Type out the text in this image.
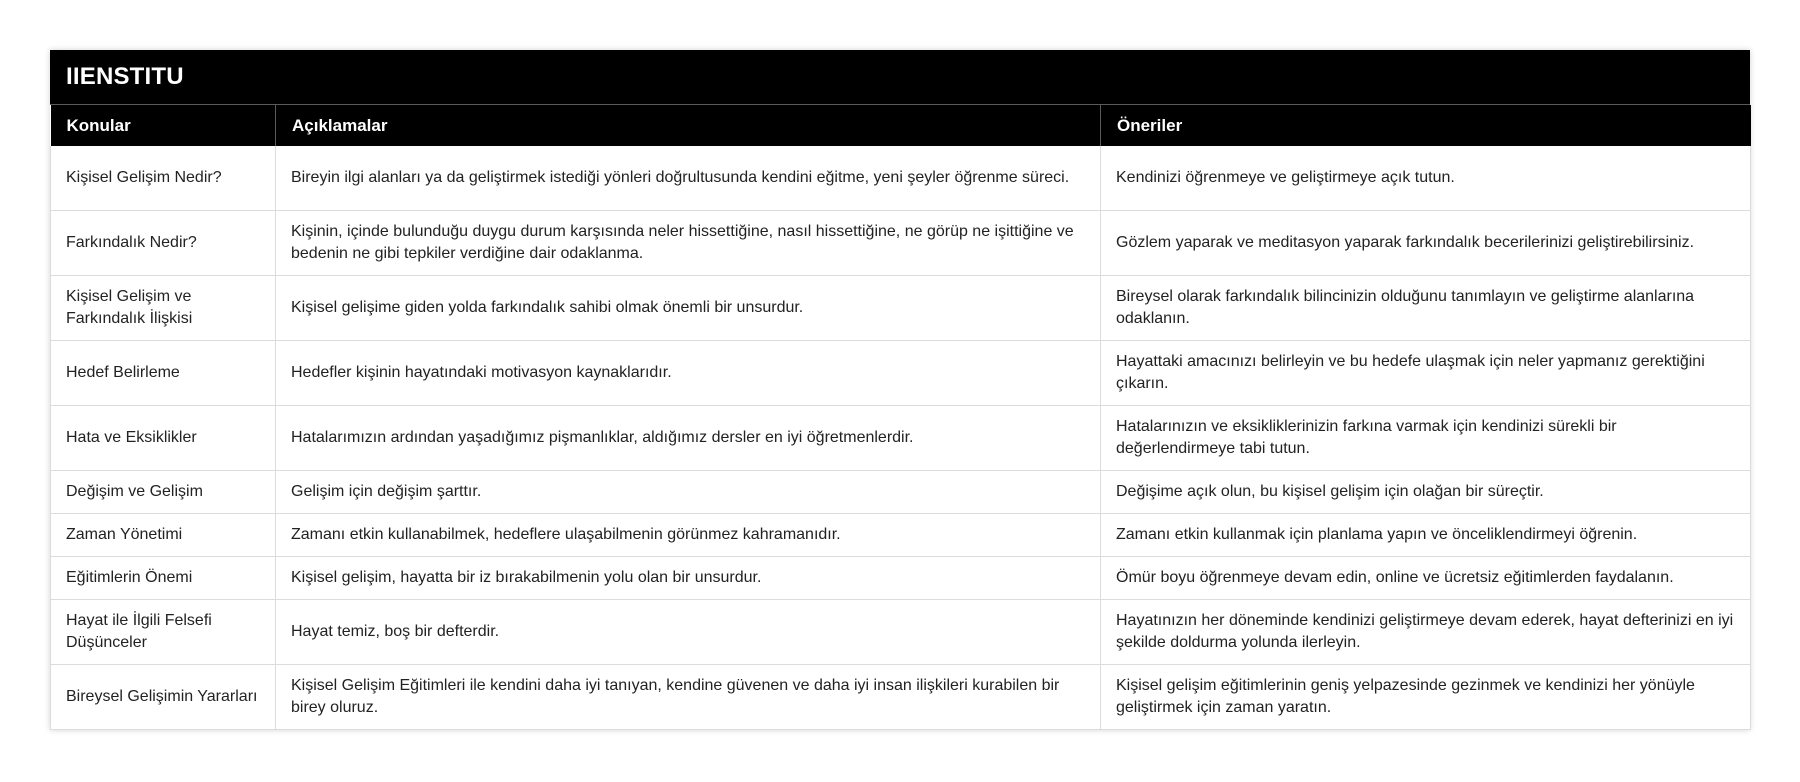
IIENSTITU
Konular	Açıklamalar	Öneriler
Kişisel Gelişim Nedir?	Bireyin ilgi alanları ya da geliştirmek istediği yönleri doğrultusunda kendini eğitme, yeni şeyler öğrenme süreci.	Kendinizi öğrenmeye ve geliştirmeye açık tutun.
Farkındalık Nedir?	Kişinin, içinde bulunduğu duygu durum karşısında neler hissettiğine, nasıl hissettiğine, ne görüp ne işittiğine ve bedenin ne gibi tepkiler verdiğine dair odaklanma.	Gözlem yaparak ve meditasyon yaparak farkındalık becerilerinizi geliştirebilirsiniz.
Kişisel Gelişim ve Farkındalık İlişkisi	Kişisel gelişime giden yolda farkındalık sahibi olmak önemli bir unsurdur.	Bireysel olarak farkındalık bilincinizin olduğunu tanımlayın ve geliştirme alanlarına odaklanın.
Hedef Belirleme	Hedefler kişinin hayatındaki motivasyon kaynaklarıdır.	Hayattaki amacınızı belirleyin ve bu hedefe ulaşmak için neler yapmanız gerektiğini çıkarın.
Hata ve Eksiklikler	Hatalarımızın ardından yaşadığımız pişmanlıklar, aldığımız dersler en iyi öğretmenlerdir.	Hatalarınızın ve eksikliklerinizin farkına varmak için kendinizi sürekli bir değerlendirmeye tabi tutun.
Değişim ve Gelişim	Gelişim için değişim şarttır.	Değişime açık olun, bu kişisel gelişim için olağan bir süreçtir.
Zaman Yönetimi	Zamanı etkin kullanabilmek, hedeflere ulaşabilmenin görünmez kahramanıdır.	Zamanı etkin kullanmak için planlama yapın ve önceliklendirmeyi öğrenin.
Eğitimlerin Önemi	Kişisel gelişim, hayatta bir iz bırakabilmenin yolu olan bir unsurdur.	Ömür boyu öğrenmeye devam edin, online ve ücretsiz eğitimlerden faydalanın.
Hayat ile İlgili Felsefi Düşünceler	Hayat temiz, boş bir defterdir.	Hayatınızın her döneminde kendinizi geliştirmeye devam ederek, hayat defterinizi en iyi şekilde doldurma yolunda ilerleyin.
Bireysel Gelişimin Yararları	Kişisel Gelişim Eğitimleri ile kendini daha iyi tanıyan, kendine güvenen ve daha iyi insan ilişkileri kurabilen bir birey oluruz.	Kişisel gelişim eğitimlerinin geniş yelpazesinde gezinmek ve kendinizi her yönüyle geliştirmek için zaman yaratın.
